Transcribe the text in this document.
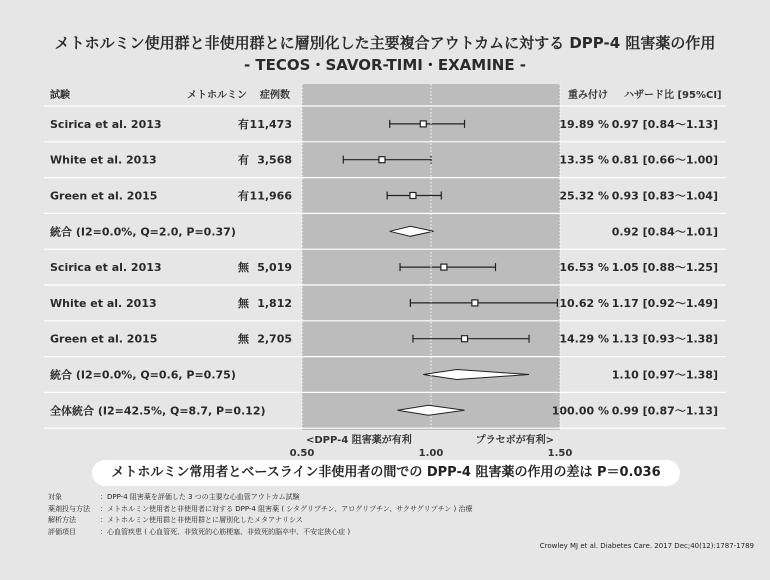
メトホルミン使用群と非使用群とに層別化した主要複合アウトカムに対する DPP-4 阻害薬の作用
- TECOS・SAVOR-TIMI・EXAMINE -
試験	メトホルミン 症例数	重み付け ハザード比 [95%CI]
Scirica et al. 2013	有 11,473	19.89 % 0.97 [0.84～1.13]
White et al. 2013	有 3,568	13.35 % 0.81 [0.66～1.00]
Green et al. 2015	有 11,966	25.32 % 0.93 [0.83～1.04]
統合 (I2=0.0%, Q=2.0, P=0.37)	0.92 [0.84～1.01]
Scirica et al. 2013	無 5,019	16.53 % 1.05 [0.88～1.25]
White et al. 2013	無 1,812	10.62 % 1.17 [0.92～1.49]
Green et al. 2015	無 2,705	14.29 % 1.13 [0.93～1.38]
統合 (I2=0.0%, Q=0.6, P=0.75)	1.10 [0.97～1.38]
全体統合 (I2=42.5%, Q=8.7, P=0.12)	100.00 % 0.99 [0.87～1.13]
0.50	1.00	1.50
<DPP-4 阻害薬が有利	プラセボが有利>
メトホルミン常用者とベースライン非使用者の間での DPP-4 阻害薬の作用の差は P＝0.036
対象	：DPP-4 阻害薬を評価した 3 つの主要な心血管アウトカム試験
薬剤投与方法	：メトホルミン使用者と非使用者に対する DPP-4 阻害薬 ( シタグリプチン、アログリプチン、サクサグリプチン ) 治療
解析方法	：メトホルミン使用群と非使用群とに層別化したメタアナリシス
評価項目	：心血管疾患 ( 心血管死、非致死的心筋梗塞、非致死的脳卒中、不安定狭心症 )
Crowley MJ et al. Diabetes Care. 2017 Dec;40(12):1787-1789
